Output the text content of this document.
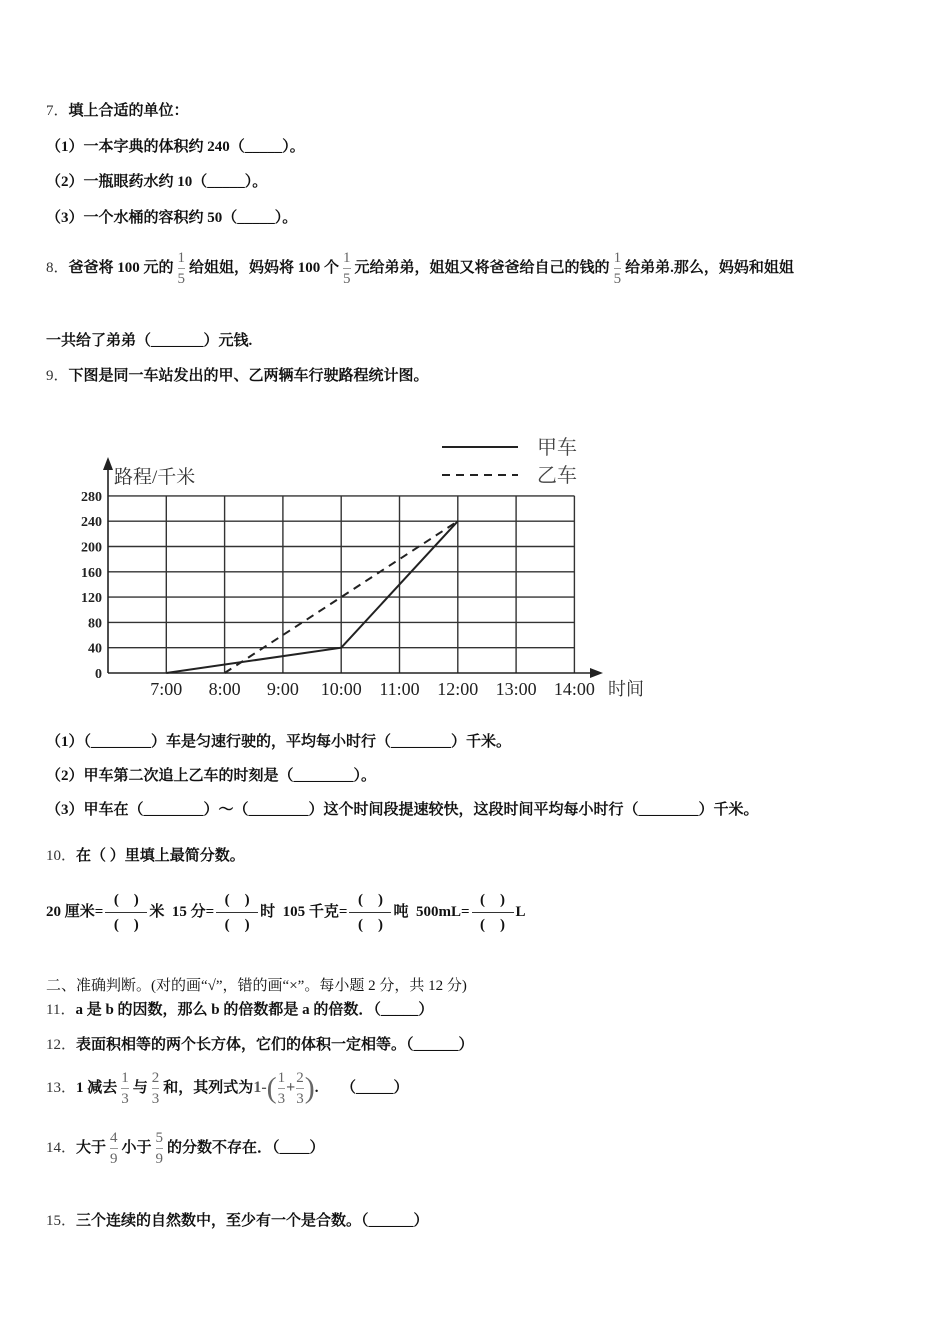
7．填上合适的单位：
（1）一本字典的体积约 240（_____）。
（2）一瓶眼药水约 10（_____）。
（3）一个水桶的容积约 50（_____）。
8．爸爸将 100 元的 $\frac{1}{5}$ 给姐姐，妈妈将 100 个 $\frac{1}{5}$ 元给弟弟，姐姐又将爸爸给自己的钱的 $\frac{1}{5}$ 给弟弟.那么，妈妈和姐姐
一共给了弟弟（_______）元钱.
9．下图是同一车站发出的甲、乙两辆车行驶路程统计图。
路程/千米
时间
0
40
80
120
160
200
240
280
7:00 8:00 9:00 10:00 11:00 12:00 13:00 14:00
甲车
乙车
（1）（________）车是匀速行驶的，平均每小时行（________）千米。
（2）甲车第二次追上乙车的时刻是（________）。
（3）甲车在（________）～（________）这个时间段提速较快，这段时间平均每小时行（________）千米。
10．在（ ）里填上最简分数。
20 厘米=
(　)
(　)
米 15 分=
(　)
(　)
时 105 千克=
(　)
(　)
吨 500mL=
(　)
(　)
L
二、准确判断。(对的画“√”，错的画“×”。每小题 2 分，共 12 分)
11．a 是 b 的因数，那么 b 的倍数都是 a 的倍数．（_____）
12．表面积相等的两个长方体，它们的体积一定相等。（______）
13．1 减去 $\frac{1}{3}$ 与 $\frac{2}{3}$ 和，其列式为$1-( \frac{1}{3} + \frac{2}{3}$ ).　　（_____）
14．大于 $\frac{4}{9}$ 小于 $\frac{5}{9}$ 的分数不存在．（____）
15．三个连续的自然数中，至少有一个是合数。（______）
